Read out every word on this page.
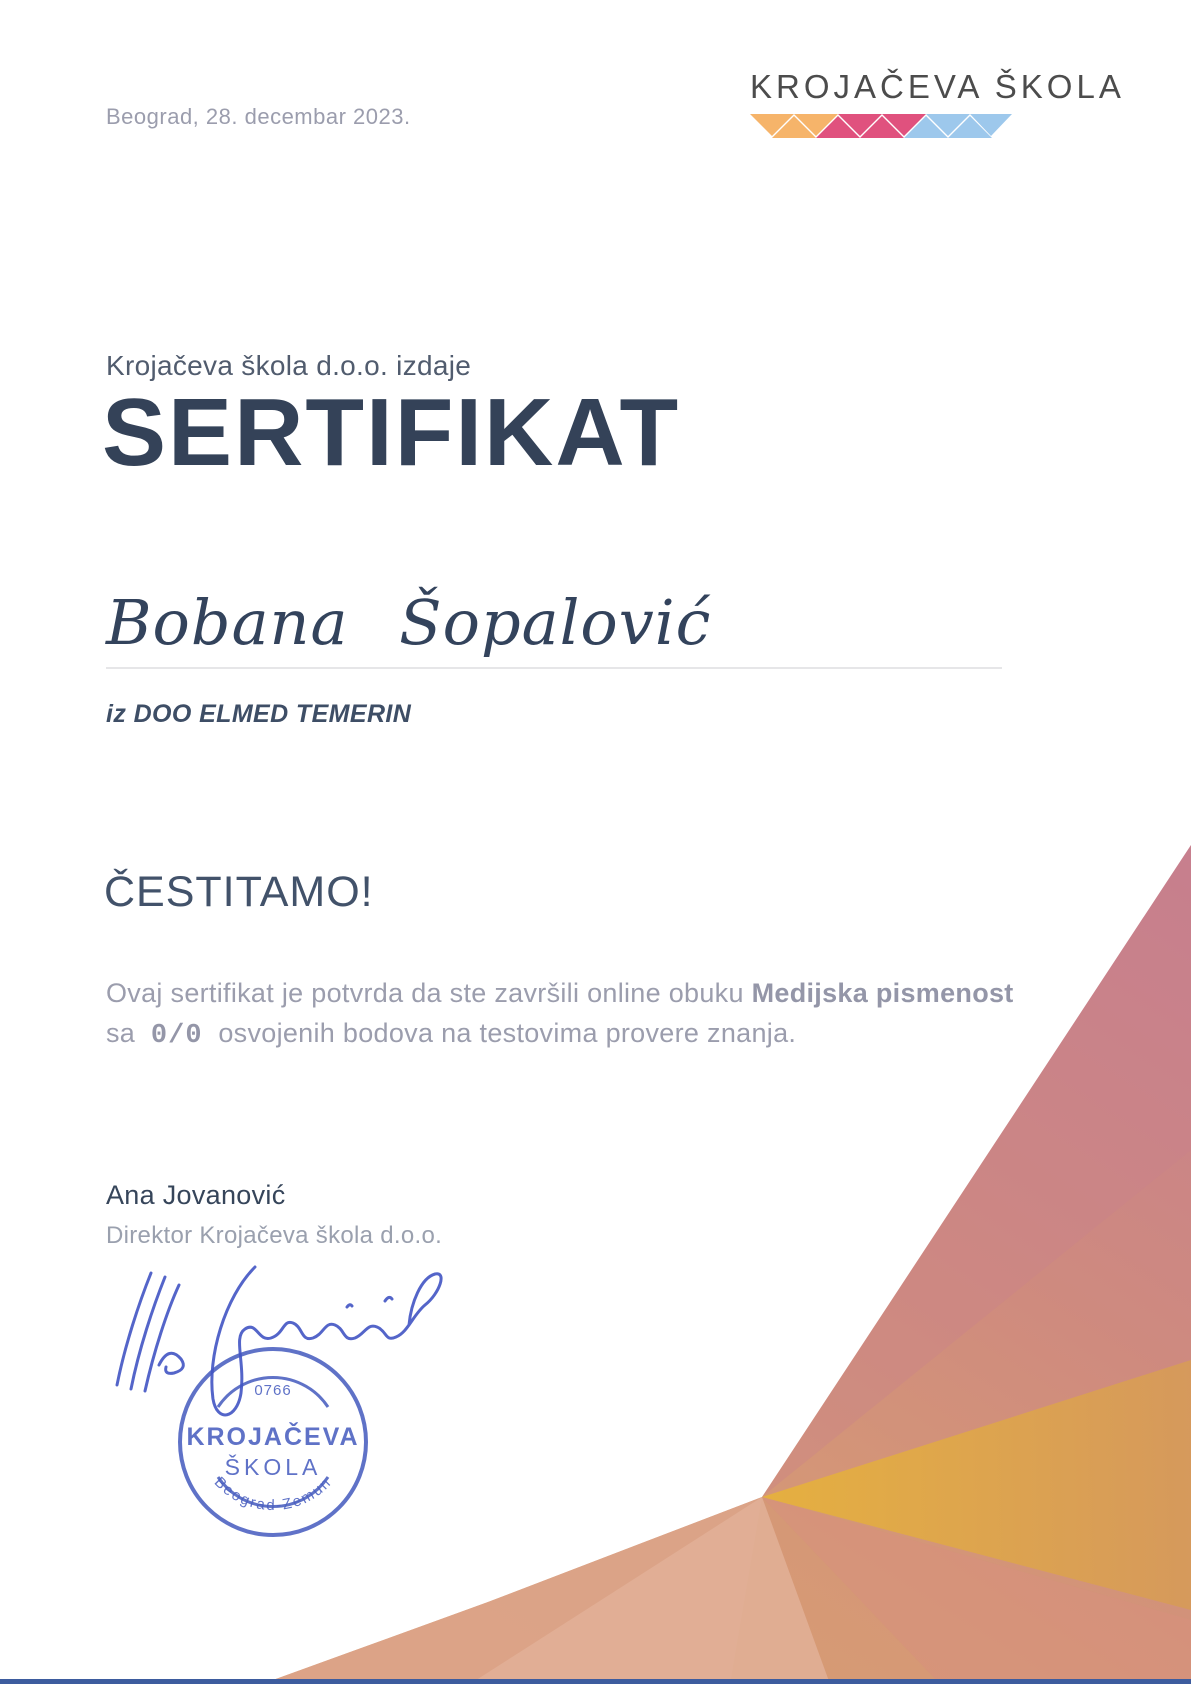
Beograd, 28. decembar 2023.
KROJAČEVA ŠKOLA
Krojačeva škola d.o.o. izdaje
SERTIFIKAT
Bobana Šopalović
iz DOO ELMED TEMERIN
ČESTITAMO!

Ovaj sertifikat je potvrda da ste završili online obuku Medijska pismenost
sa 0/0 osvojenih bodova na testovima provere znanja.

Ana Jovanović
Direktor Krojačeva škola d.o.o.
0766
KROJAČEVA
ŠKOLA
Beograd-Zemun
